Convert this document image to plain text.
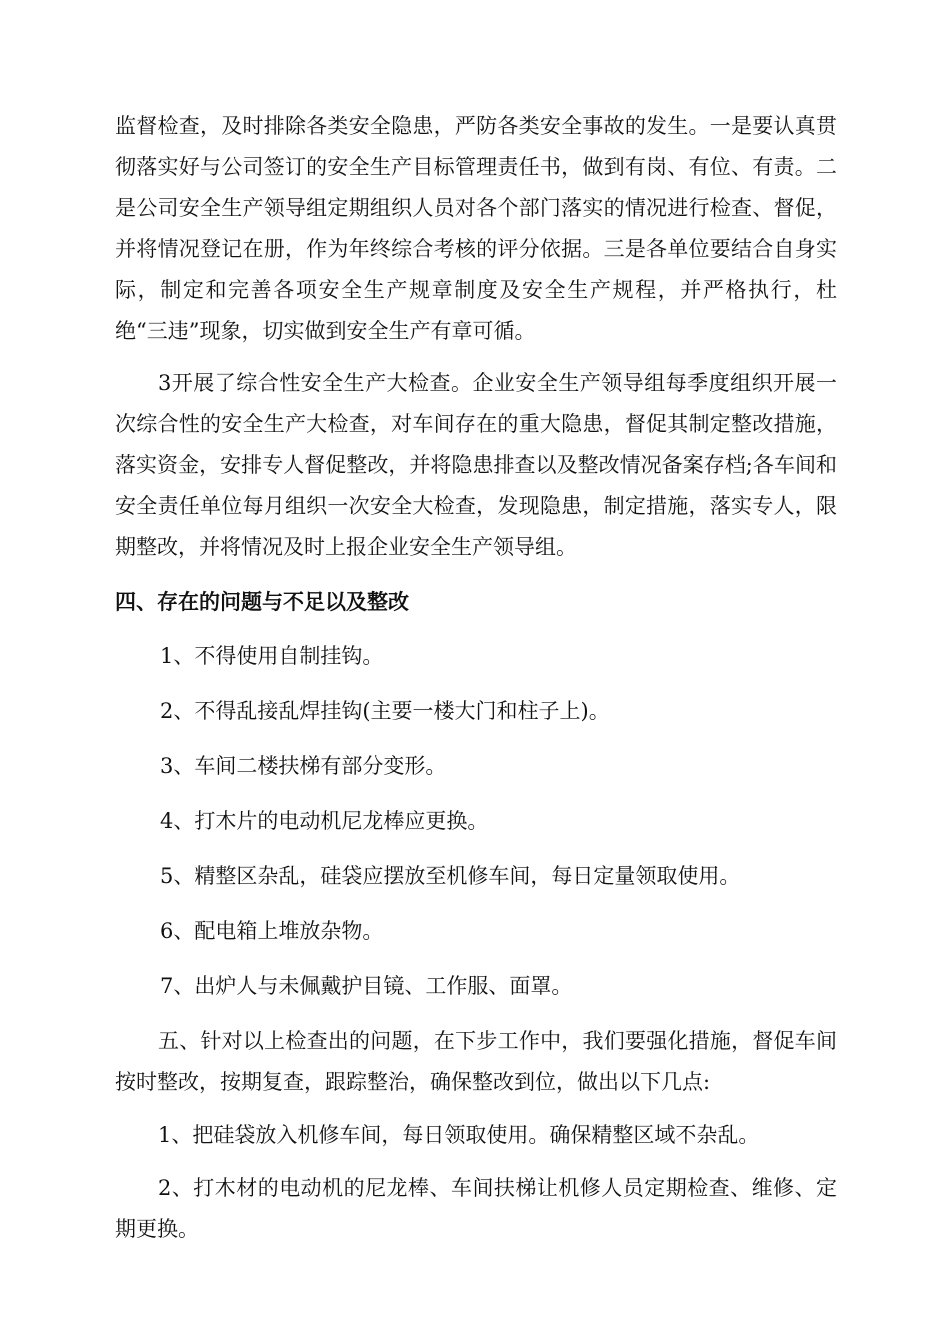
监督检查，及时排除各类安全隐患，严防各类安全事故的发生。一是要认真贯彻落实好与公司签订的安全生产目标管理责任书，做到有岗、有位、有责。二是公司安全生产领导组定期组织人员对各个部门落实的情况进行检查、督促，并将情况登记在册，作为年终综合考核的评分依据。三是各单位要结合自身实际，制定和完善各项安全生产规章制度及安全生产规程，并严格执行，杜绝“三违”现象，切实做到安全生产有章可循。

3开展了综合性安全生产大检查。企业安全生产领导组每季度组织开展一次综合性的安全生产大检查，对车间存在的重大隐患，督促其制定整改措施，落实资金，安排专人督促整改，并将隐患排查以及整改情况备案存档;各车间和安全责任单位每月组织一次安全大检查，发现隐患，制定措施，落实专人，限期整改，并将情况及时上报企业安全生产领导组。

四、存在的问题与不足以及整改

1、不得使用自制挂钩。

2、不得乱接乱焊挂钩(主要一楼大门和柱子上)。

3、车间二楼扶梯有部分变形。

4、打木片的电动机尼龙棒应更换。

5、精整区杂乱，硅袋应摆放至机修车间，每日定量领取使用。

6、配电箱上堆放杂物。

7、出炉人与未佩戴护目镜、工作服、面罩。

五、针对以上检查出的问题，在下步工作中，我们要强化措施，督促车间按时整改，按期复查，跟踪整治，确保整改到位，做出以下几点:

1、把硅袋放入机修车间，每日领取使用。确保精整区域不杂乱。

2、打木材的电动机的尼龙棒、车间扶梯让机修人员定期检查、维修、定期更换。
